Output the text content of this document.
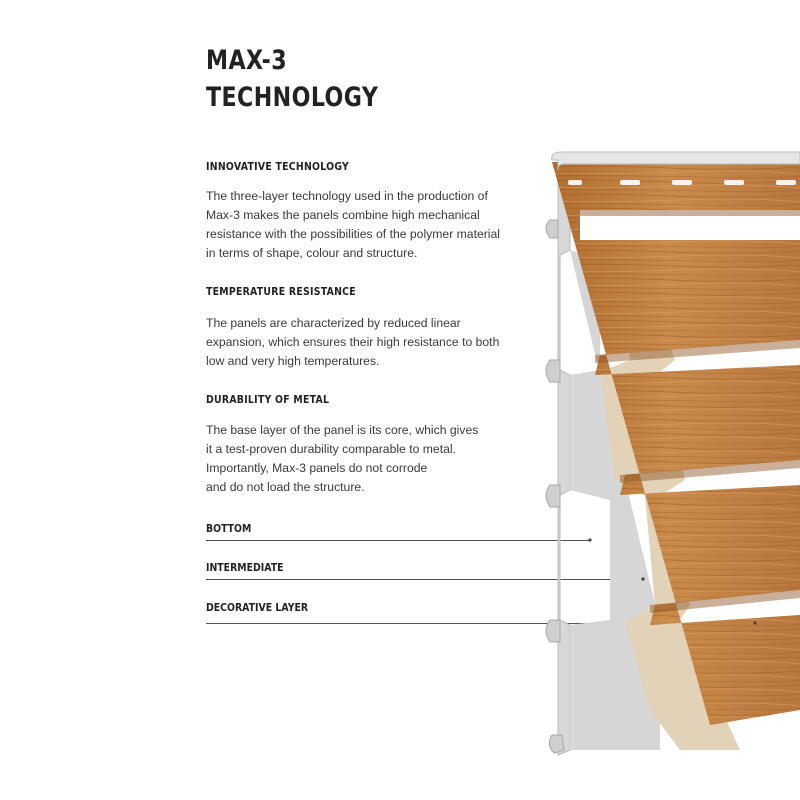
MAX-3
TECHNOLOGY
INNOVATIVE TECHNOLOGY
The three-layer technology used in the production of
Max-3 makes the panels combine high mechanical
resistance with the possibilities of the polymer material
in terms of shape, colour and structure.
TEMPERATURE RESISTANCE
The panels are characterized by reduced linear
expansion, which ensures their high resistance to both
low and very high temperatures.
DURABILITY OF METAL
The base layer of the panel is its core, which gives
it a test-proven durability comparable to metal.
Importantly, Max-3 panels do not corrode
and do not load the structure.
BOTTOM
INTERMEDIATE
DECORATIVE LAYER
